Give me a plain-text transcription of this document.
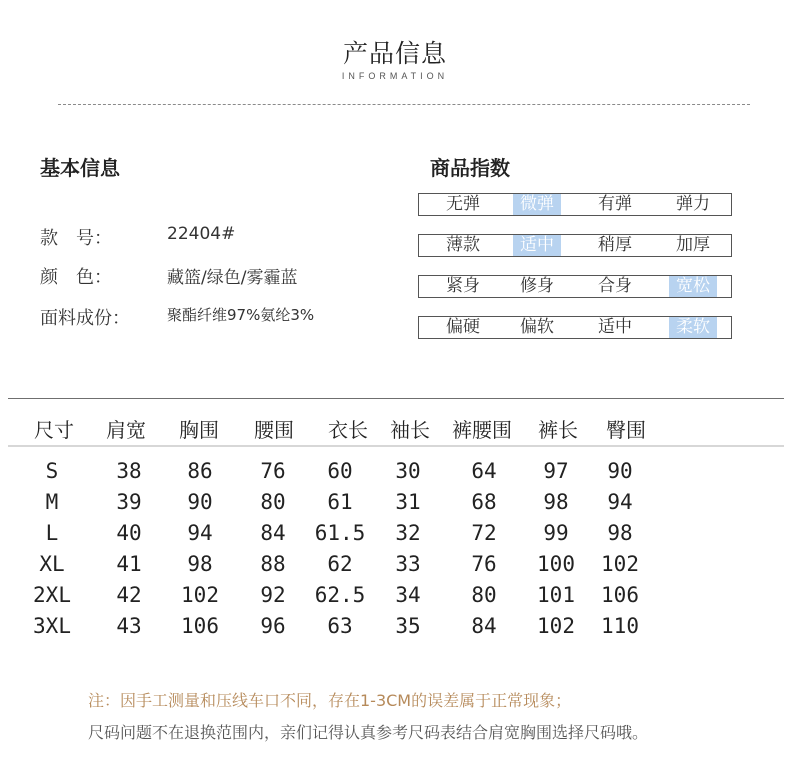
产品信息
INFORMATION
基本信息
款　号：	22404#
颜　色：	藏篮/绿色/雾霾蓝
面料成份：	聚酯纤维97%氨纶3%
商品指数
无弹	微弹	有弹	弹力
薄款	适中	稍厚	加厚
紧身	修身	合身	宽松
偏硬	偏软	适中	柔软
尺寸 肩宽 胸围 腰围 衣长 袖长 裤腰围 裤长 臀围
S	38	86	76	60	30	64	97	90
M	39	90	80	61	31	68	98	94
L	40	94	84	61.5	32	72	99	98
XL	41	98	88	62	33	76	100	102
2XL	42	102	92	62.5	34	80	101	106
3XL	43	106	96	63	35	84	102	110
注：因手工测量和压线车口不同，存在1-3CM的误差属于正常现象；
尺码问题不在退换范围内，亲们记得认真参考尺码表结合肩宽胸围选择尺码哦。
